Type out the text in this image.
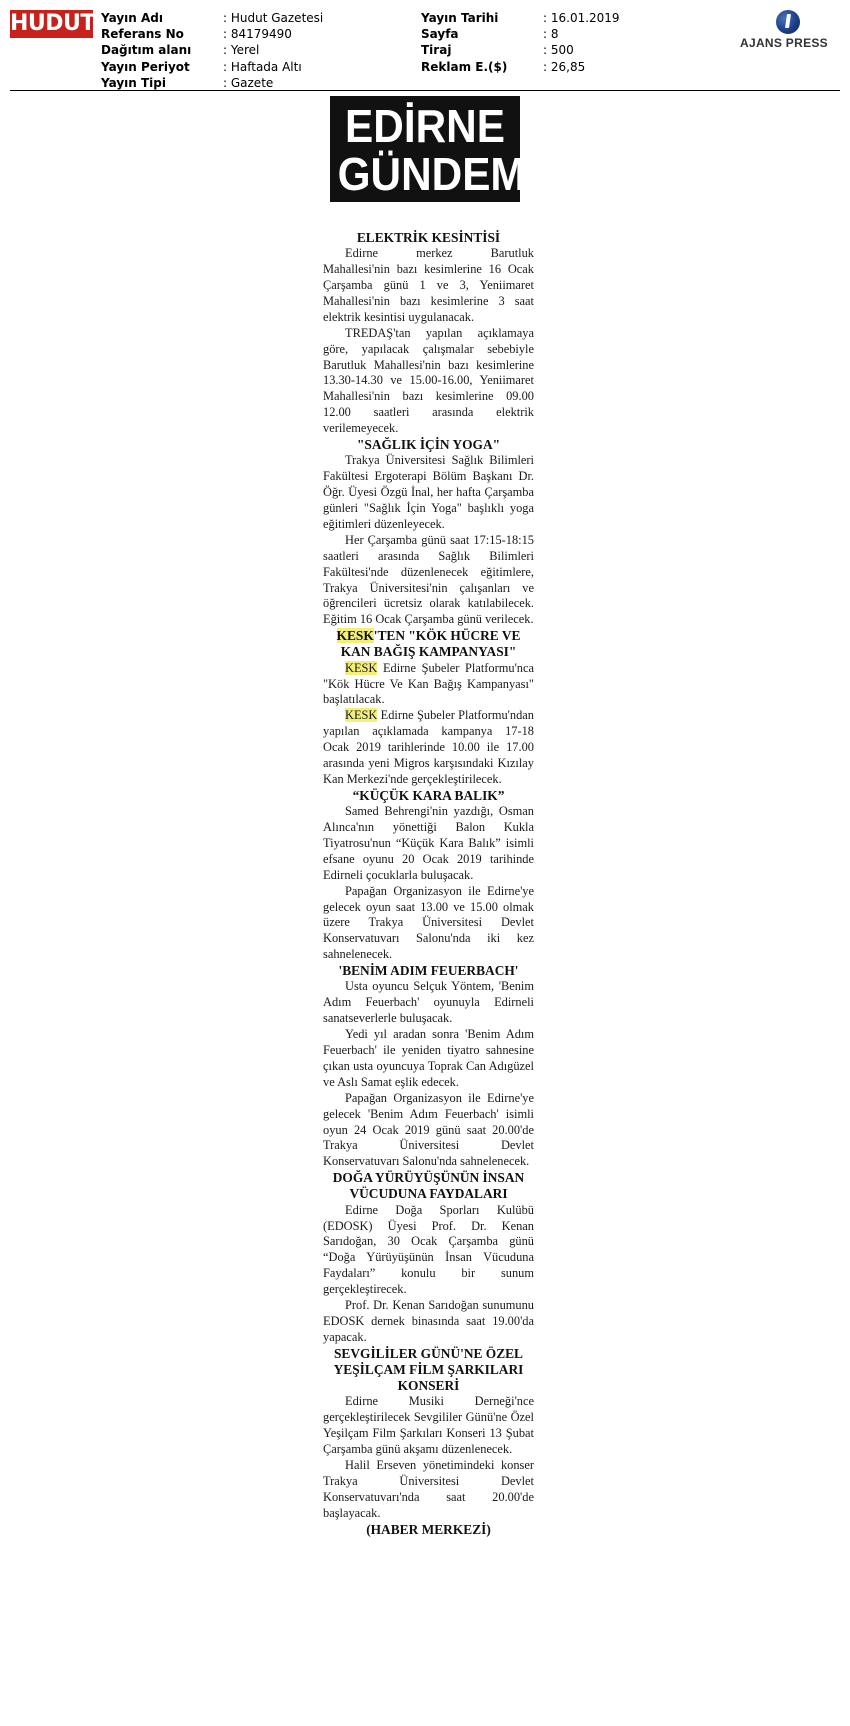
HUDUT Yayın Adı	: Hudut Gazetesi
Referans No	: 84179490
Dağıtım alanı	: Yerel
Yayın Periyot	: Haftada Altı
Yayın Tipi	: Gazete
Yayın Tarihi	: 16.01.2019
Sayfa	: 8
Tiraj	: 500
Reklam E.($)	: 26,85
AJANS PRESS
EDİRNE
GÜNDEMİ
ELEKTRİK KESİNTİSİ

Edirne merkez Barutluk Mahallesi'nin bazı kesimlerine 16 Ocak Çarşamba günü 1 ve 3, Yeniimaret Mahallesi'nin bazı kesimlerine 3 saat elektrik kesintisi uygulanacak.

TREDAŞ'tan yapılan açıklamaya göre, yapılacak çalışmalar sebebiyle Barutluk Mahallesi'nin bazı kesimlerine 13.30-14.30 ve 15.00-16.00, Yeniimaret Mahallesi'nin bazı kesimlerine 09.00 12.00 saatleri arasında elektrik verilemeyecek.

"SAĞLIK İÇİN YOGA"

Trakya Üniversitesi Sağlık Bilimleri Fakültesi Ergoterapi Bölüm Başkanı Dr. Öğr. Üyesi Özgü İnal, her hafta Çarşamba günleri "Sağlık İçin Yoga" başlıklı yoga eğitimleri düzenleyecek.

Her Çarşamba günü saat 17:15-18:15 saatleri arasında Sağlık Bilimleri Fakültesi'nde düzenlenecek eğitimlere, Trakya Üniversitesi'nin çalışanları ve öğrencileri ücretsiz olarak katılabilecek. Eğitim 16 Ocak Çarşamba günü verilecek.

KESK'TEN "KÖK HÜCRE VE KAN BAĞIŞ KAMPANYASI"

KESK Edirne Şubeler Platformu'nca "Kök Hücre Ve Kan Bağış Kampanyası" başlatılacak.

KESK Edirne Şubeler Platformu'ndan yapılan açıklamada kampanya 17-18 Ocak 2019 tarihlerinde 10.00 ile 17.00 arasında yeni Migros karşısındaki Kızılay Kan Merkezi'nde gerçekleştirilecek.

“KÜÇÜK KARA BALIK”

Samed Behrengi'nin yazdığı, Osman Alınca'nın yönettiği Balon Kukla Tiyatrosu'nun “Küçük Kara Balık” isimli efsane oyunu 20 Ocak 2019 tarihinde Edirneli çocuklarla buluşacak.

Papağan Organizasyon ile Edirne'ye gelecek oyun saat 13.00 ve 15.00 olmak üzere Trakya Üniversitesi Devlet Konservatuvarı Salonu'nda iki kez sahnelenecek.

'BENİM ADIM FEUERBACH'

Usta oyuncu Selçuk Yöntem, 'Benim Adım Feuerbach' oyunuyla Edirneli sanatseverlerle buluşacak.

Yedi yıl aradan sonra 'Benim Adım Feuerbach' ile yeniden tiyatro sahnesine çıkan usta oyuncuya Toprak Can Adıgüzel ve Aslı Samat eşlik edecek.

Papağan Organizasyon ile Edirne'ye gelecek 'Benim Adım Feuerbach' isimli oyun 24 Ocak 2019 günü saat 20.00'de Trakya Üniversitesi Devlet Konservatuvarı Salonu'nda sahnelenecek.

DOĞA YÜRÜYÜŞÜNÜN İNSAN VÜCUDUNA FAYDALARI

Edirne Doğa Sporları Kulübü (EDOSK) Üyesi Prof. Dr. Kenan Sarıdoğan, 30 Ocak Çarşamba günü “Doğa Yürüyüşünün İnsan Vücuduna Faydaları” konulu bir sunum gerçekleştirecek.

Prof. Dr. Kenan Sarıdoğan sunumunu EDOSK dernek binasında saat 19.00'da yapacak.

SEVGİLİLER GÜNÜ'NE ÖZEL YEŞİLÇAM FİLM ŞARKILARI KONSERİ

Edirne Musiki Derneği'nce gerçekleştirilecek Sevgililer Günü'ne Özel Yeşilçam Film Şarkıları Konseri 13 Şubat Çarşamba günü akşamı düzenlenecek.

Halil Erseven yönetimindeki konser Trakya Üniversitesi Devlet Konservatuvarı'nda saat 20.00'de başlayacak.

(HABER MERKEZİ)
